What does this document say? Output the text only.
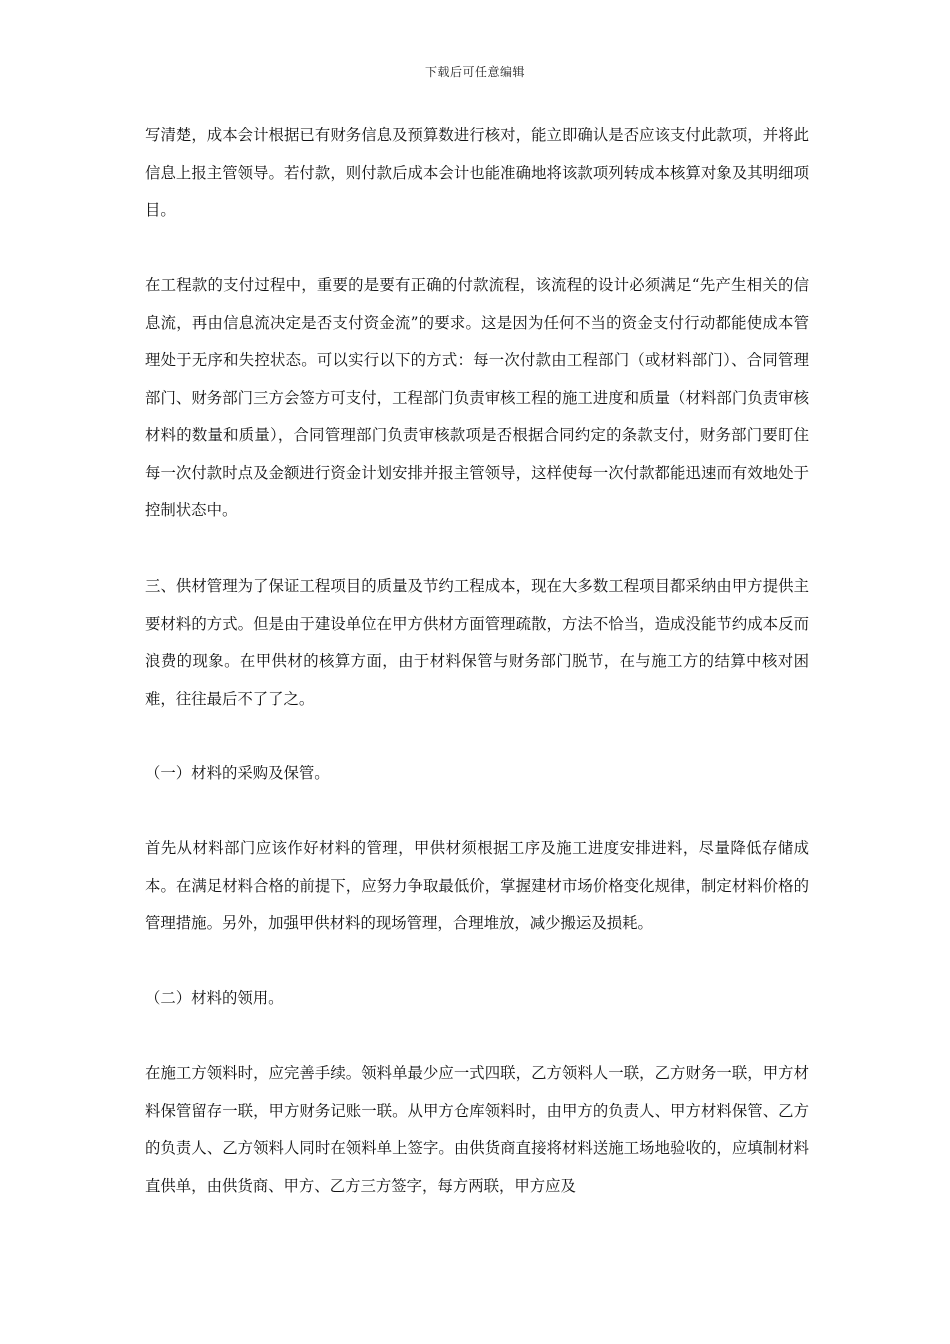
下载后可任意编辑

写清楚，成本会计根据已有财务信息及预算数进行核对，能立即确认是否应该支付此款项，并将此信息上报主管领导。若付款，则付款后成本会计也能准确地将该款项列转成本核算对象及其明细项目。

在工程款的支付过程中，重要的是要有正确的付款流程，该流程的设计必须满足“先产生相关的信息流，再由信息流决定是否支付资金流”的要求。这是因为任何不当的资金支付行动都能使成本管理处于无序和失控状态。可以实行以下的方式：每一次付款由工程部门（或材料部门）、合同管理部门、财务部门三方会签方可支付，工程部门负责审核工程的施工进度和质量（材料部门负责审核材料的数量和质量），合同管理部门负责审核款项是否根据合同约定的条款支付，财务部门要盯住每一次付款时点及金额进行资金计划安排并报主管领导，这样使每一次付款都能迅速而有效地处于控制状态中。

三、供材管理为了保证工程项目的质量及节约工程成本，现在大多数工程项目都采纳由甲方提供主要材料的方式。但是由于建设单位在甲方供材方面管理疏散，方法不恰当，造成没能节约成本反而浪费的现象。在甲供材的核算方面，由于材料保管与财务部门脱节，在与施工方的结算中核对困难，往往最后不了了之。

（一）材料的采购及保管。

首先从材料部门应该作好材料的管理，甲供材须根据工序及施工进度安排进料，尽量降低存储成本。在满足材料合格的前提下，应努力争取最低价，掌握建材市场价格变化规律，制定材料价格的管理措施。另外，加强甲供材料的现场管理，合理堆放，减少搬运及损耗。

（二）材料的领用。

在施工方领料时，应完善手续。领料单最少应一式四联，乙方领料人一联，乙方财务一联，甲方材料保管留存一联，甲方财务记账一联。从甲方仓库领料时，由甲方的负责人、甲方材料保管、乙方的负责人、乙方领料人同时在领料单上签字。由供货商直接将材料送施工场地验收的，应填制材料直供单，由供货商、甲方、乙方三方签字，每方两联，甲方应及
